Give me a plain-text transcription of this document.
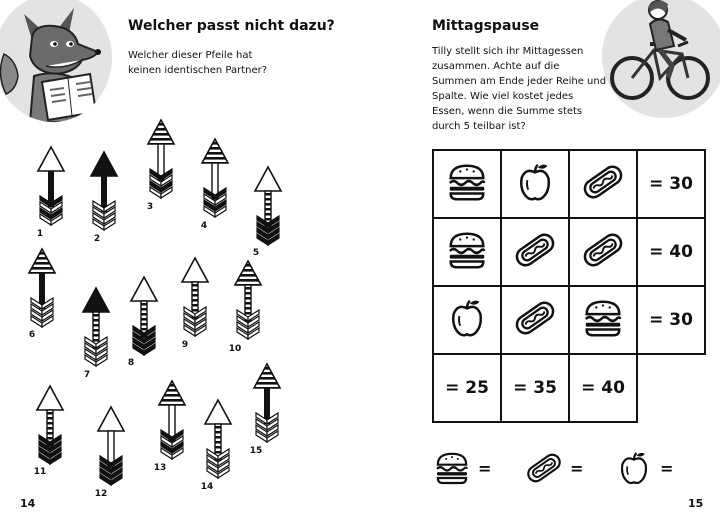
Welcher passt nicht dazu?

Welcher dieser Pfeile hat keinen identischen Partner?

1	2
3
4
5
6
7
8
9	10
11
12
13
14
15
14
Mittagspause

Tilly stellt sich ihr Mittagessen zusammen. Achte auf die Summen am Ende jeder Reihe und Spalte. Wie viel kostet jedes Essen, wenn die Summe stets durch 5 teilbar ist?

			= 30
			= 40
			= 30
= 25	= 35	= 40	
=	=	=
15
